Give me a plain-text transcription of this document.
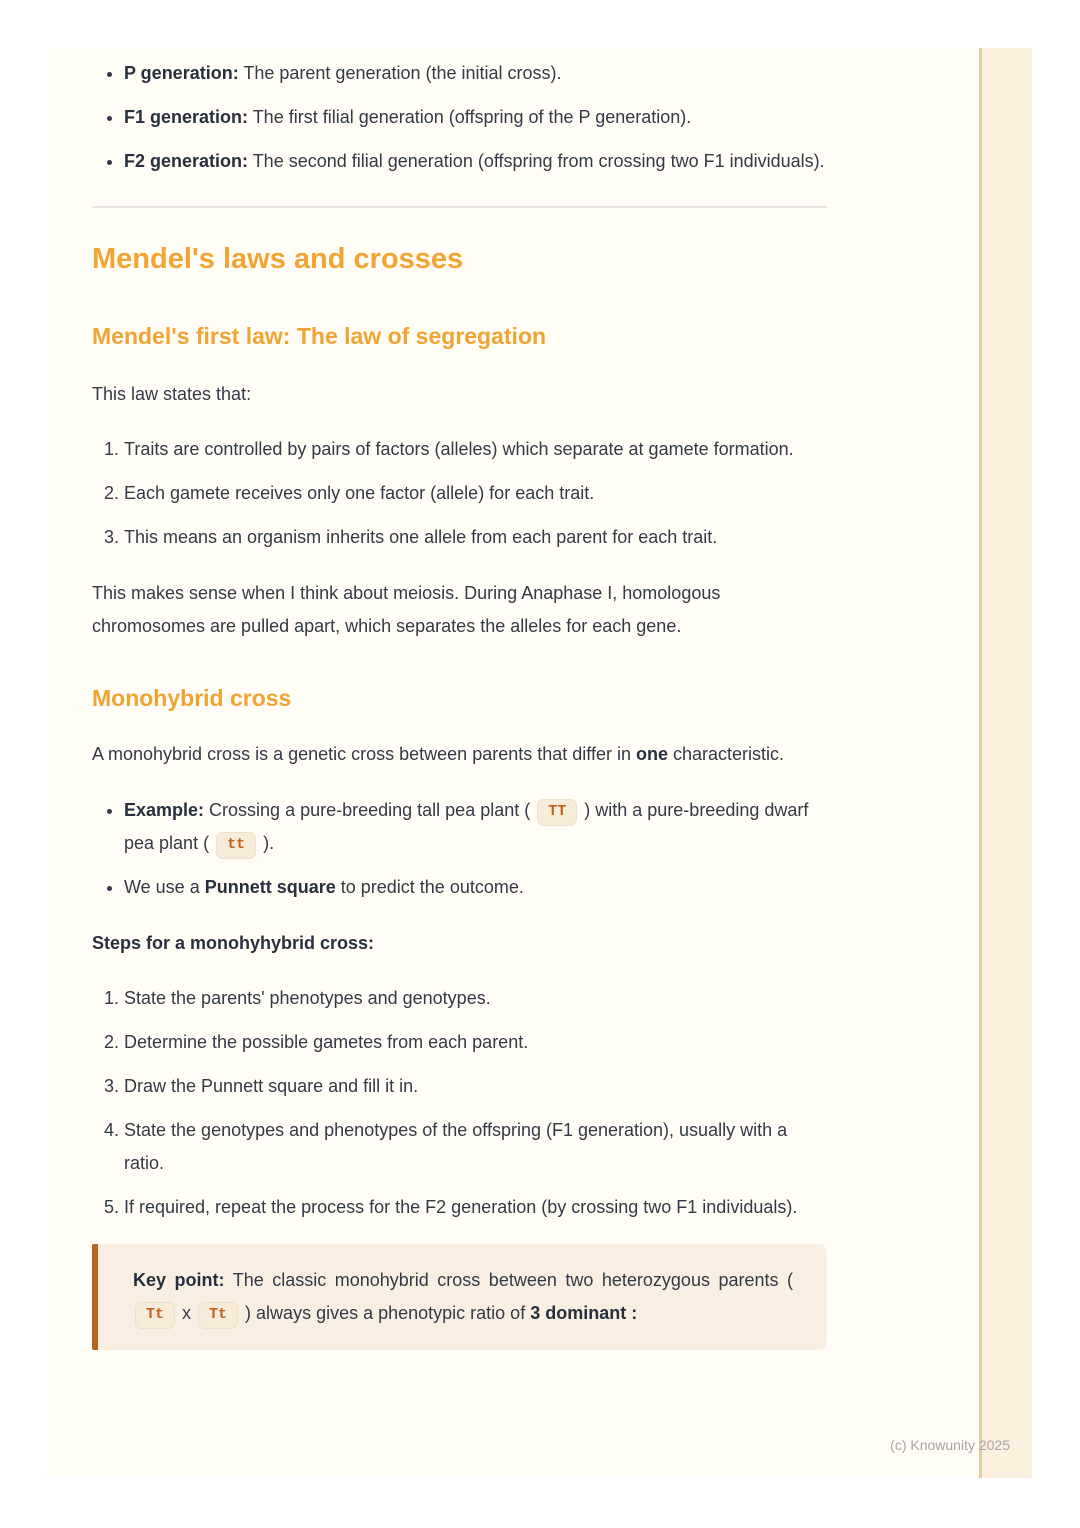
• P generation: The parent generation (the initial cross).
• F1 generation: The first filial generation (offspring of the P generation).
• F2 generation: The second filial generation (offspring from crossing two F1 individuals).
Mendel's laws and crosses
Mendel's first law: The law of segregation

This law states that:

1. Traits are controlled by pairs of factors (alleles) which separate at gamete formation.
2. Each gamete receives only one factor (allele) for each trait.
3. This means an organism inherits one allele from each parent for each trait.

This makes sense when I think about meiosis. During Anaphase I, homologous chromosomes are pulled apart, which separates the alleles for each gene.

Monohybrid cross

A monohybrid cross is a genetic cross between parents that differ in one characteristic.

• Example: Crossing a pure-breeding tall pea plant ( TT ) with a pure-breeding dwarf pea plant ( tt ).
• We use a Punnett square to predict the outcome.

Steps for a monohyhybrid cross:

1. State the parents' phenotypes and genotypes.
2. Determine the possible gametes from each parent.
3. Draw the Punnett square and fill it in.
4. State the genotypes and phenotypes of the offspring (F1 generation), usually with a ratio.
5. If required, repeat the process for the F2 generation (by crossing two F1 individuals).
Key point: The classic monohybrid cross between two heterozygous parents ( Tt x Tt ) always gives a phenotypic ratio of 3 dominant :
(c) Knowunity 2025
